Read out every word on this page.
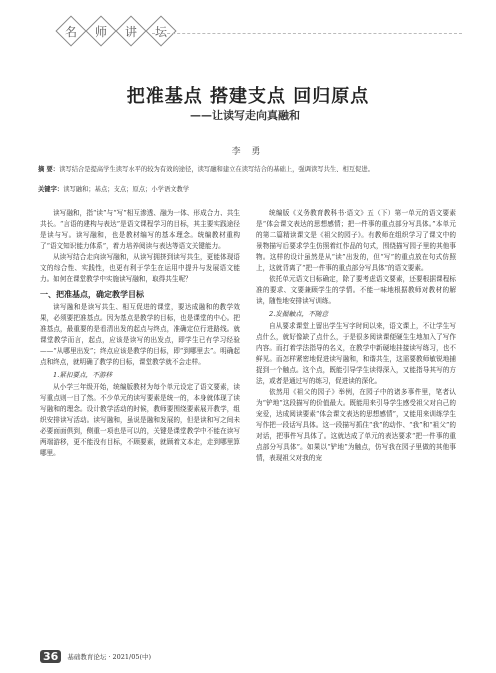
名 师 讲 坛
把准基点 搭建支点 回归原点
——让读写走向真融和
李 勇
摘 要：读写结合是提高学生读写水平的较为有效的途径，读写融和建立在读写结合的基础上，强调读写共生、相互促进。
关键字：读写融和；基点；支点；原点；小学语文教学

读写融和，指“读”与“写”相互渗透、融为一体、形成合力、共生共长。“言语的建构与表达”是语文课程学习的目标，其主要实践途径是读与写。读写融和，也是教材编写的基本理念。统编教材重构了“语文知识能力体系”，着力培养阅读与表达等语文关键能力。

从读写结合走向读写融和，从读写拥挤到读写共生，更能体现语文的综合性、实践性，也更有利于学生在运用中提升与发展语文能力。如何在课堂教学中实施读写融和，取得共生呢？

一、把准基点，确定教学目标

读写融和是读写共生、相互促进的课堂，要达成融和的教学效果，必须要把准基点。因为基点是教学的目标，也是课堂的中心。把准基点，最重要的是看清出发的起点与终点，准确定位行进路线。就课堂教学而言，起点，应该是读写的出发点，即学生已有学习经验——“从哪里出发”；终点应该是教学的目标，即“到哪里去”。明确起点和终点，就明确了教学的目标，课堂教学就不会走样。

1.紧扣要点，不游移

从小学三年级开始，统编版教材为每个单元设定了语文要素，读写重点则一目了然。不少单元的读写要素是统一的，本身就体现了读写融和的理念。设计教学活动的时候，教师要围绕要素展开教学，组织安排读写活动。读写融和，虽说是融和发展的，但是读和写之间未必要面面俱到，侧重一项也是可以的，关键是课堂教学中不能在读写两端游移，更不能没有目标，不顾要素，就顾着文本走，走到哪里算哪里。

统编版《义务教育教科书·语文》五（下）第一单元的语文要素是“体会课文表达的思想感情；把一件事的重点部分写具体。”本单元的第二篇精读课文是《祖父的园子》。有教师在组织学习了课文中的景物描写后要求学生仿照着红作品的句式，围绕描写园子里的其他事物。这样的设计虽然是从“读”出发的，但“写”的重点放在句式仿照上，这就背离了“把一件事的重点部分写具体”的语文要素。

依托单元语文目标确定，除了要考虑语文要素，还要根据课程标准的要求、文要兼顾学生的学情。不能一味地根据教师对教材的解读，随性地安排读写训练。

2.发掘触点，不随意

自从要求课堂上留出学生写字时间以来，语文课上，不让学生写点什么，就好像缺了点什么，于是很多阅读课便硬生生地加入了写作内容。而打着学法指导的名义，在教学中新硬地挂接读写练习，也不鲜见。而怎样紧密地促进读写融和，和谐共生，这需要教师敏锐地捕捉到一个触点。这个点，既能引导学生读得深入，又能指导其写的方法，或者是通过写的练习，促进读的深化。

依然用《祖父的园子》举例，在园子中的诸多事件里，笔者认为“铲地”这段描写的价值最大。既能用来引导学生感受祖父对自己的宠爱，达成阅读要素“体会课文表达的思想感情”，又能用来训练学生写作把一段话写具体。这一段描写抓住“我”的动作、“我”和“祖父”的对话，把事件写具体了。这就达成了单元的表达要求“把一件事的重点部分写具体”。如果以“铲地”为触点，仿写我在园子里做的其他事情，表现祖父对我的宠

36	基础教育论坛 · 2021/05(中)
